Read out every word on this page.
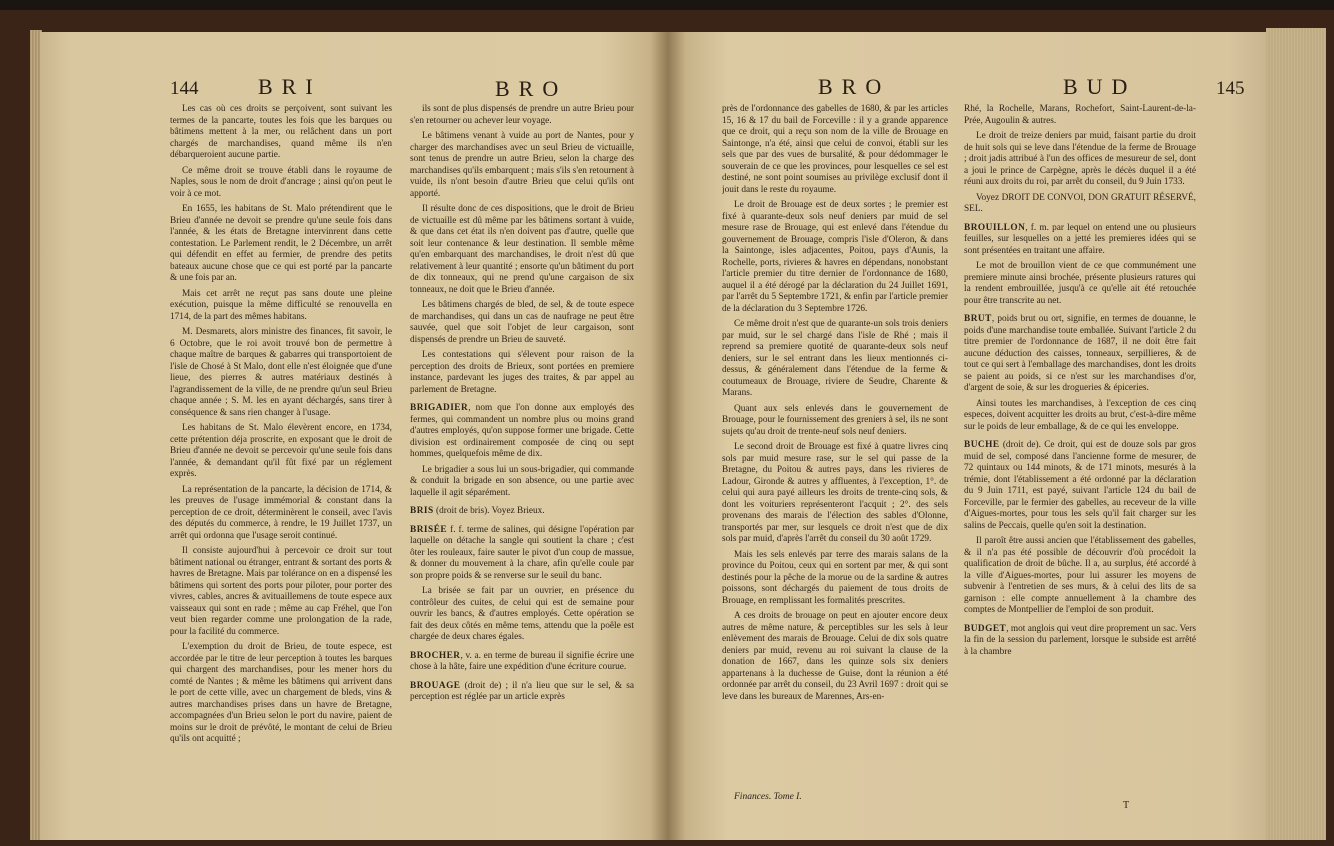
144	BRI	BRO

Les cas où ces droits se perçoivent, sont suivant les termes de la pancarte, toutes les fois que les barques ou bâtimens mettent à la mer, ou relâchent dans un port chargés de marchandises, quand même ils n'en débarqueroient aucune partie.

Ce même droit se trouve établi dans le royaume de Naples, sous le nom de droit d'ancrage ; ainsi qu'on peut le voir à ce mot.

En 1655, les habitans de St. Malo prétendirent que le Brieu d'année ne devoit se prendre qu'une seule fois dans l'année, & les états de Bretagne intervinrent dans cette contestation. Le Parlement rendit, le 2 Décembre, un arrêt qui défendit en effet au fermier, de prendre des petits bateaux aucune chose que ce qui est porté par la pancarte & une fois par an.

Mais cet arrêt ne reçut pas sans doute une pleine exécution, puisque la même difficulté se renouvella en 1714, de la part des mêmes habitans.

M. Desmarets, alors ministre des finances, fit savoir, le 6 Octobre, que le roi avoit trouvé bon de permettre à chaque maître de barques & gabarres qui transportoient de l'isle de Chosé à St Malo, dont elle n'est éloignée que d'une lieue, des pierres & autres matériaux destinés à l'agrandissement de la ville, de ne prendre qu'un seul Brieu chaque année ; S. M. les en ayant déchargés, sans tirer à conséquence & sans rien changer à l'usage.

Les habitans de St. Malo élevèrent encore, en 1734, cette prétention déja proscrite, en exposant que le droit de Brieu d'année ne devoit se percevoir qu'une seule fois dans l'année, & demandant qu'il fût fixé par un réglement exprès.

La représentation de la pancarte, la décision de 1714, & les preuves de l'usage immémorial & constant dans la perception de ce droit, déterminèrent le conseil, avec l'avis des députés du commerce, à rendre, le 19 Juillet 1737, un arrêt qui ordonna que l'usage seroit continué.

Il consiste aujourd'hui à percevoir ce droit sur tout bâtiment national ou étranger, entrant & sortant des ports & havres de Bretagne. Mais par tolérance on en a dispensé les bâtimens qui sortent des ports pour piloter, pour porter des vivres, cables, ancres & avituaillemens de toute espece aux vaisseaux qui sont en rade ; même au cap Fréhel, que l'on veut bien regarder comme une prolongation de la rade, pour la facilité du commerce.

L'exemption du droit de Brieu, de toute espece, est accordée par le titre de leur perception à toutes les barques qui chargent des marchandises, pour les mener hors du comté de Nantes ; & même les bâtimens qui arrivent dans le port de cette ville, avec un chargement de bleds, vins & autres marchandises prises dans un havre de Bretagne, accompagnées d'un Brieu selon le port du navire, paient de moins sur le droit de prévôté, le montant de celui de Brieu qu'ils ont acquitté ;

ils sont de plus dispensés de prendre un autre Brieu pour s'en retourner ou achever leur voyage.

Le bâtimens venant à vuide au port de Nantes, pour y charger des marchandises avec un seul Brieu de victuaille, sont tenus de prendre un autre Brieu, selon la charge des marchandises qu'ils embarquent ; mais s'ils s'en retournent à vuide, ils n'ont besoin d'autre Brieu que celui qu'ils ont apporté.

Il résulte donc de ces dispositions, que le droit de Brieu de victuaille est dû même par les bâtimens sortant à vuide, & que dans cet état ils n'en doivent pas d'autre, quelle que soit leur contenance & leur destination. Il semble même qu'en embarquant des marchandises, le droit n'est dû que relativement à leur quantité ; ensorte qu'un bâtiment du port de dix tonneaux, qui ne prend qu'une cargaison de six tonneaux, ne doit que le Brieu d'année.

Les bâtimens chargés de bled, de sel, & de toute espece de marchandises, qui dans un cas de naufrage ne peut être sauvée, quel que soit l'objet de leur cargaison, sont dispensés de prendre un Brieu de sauveté.

Les contestations qui s'élevent pour raison de la perception des droits de Brieux, sont portées en premiere instance, pardevant les juges des traites, & par appel au parlement de Bretagne.

BRIGADIER, nom que l'on donne aux employés des fermes, qui commandent un nombre plus ou moins grand d'autres employés, qu'on suppose former une brigade. Cette division est ordinairement composée de cinq ou sept hommes, quelquefois même de dix.

Le brigadier a sous lui un sous-brigadier, qui commande & conduit la brigade en son absence, ou une partie avec laquelle il agit séparément.

BRIS (droit de bris). Voyez Brieux.

BRISÉE f. f. terme de salines, qui désigne l'opération par laquelle on détache la sangle qui soutient la chare ; c'est ôter les rouleaux, faire sauter le pivot d'un coup de massue, & donner du mouvement à la chare, afin qu'elle coule par son propre poids & se renverse sur le seuil du banc.

La brisée se fait par un ouvrier, en présence du contrôleur des cuites, de celui qui est de semaine pour ouvrir les bancs, & d'autres employés. Cette opération se fait des deux côtés en même tems, attendu que la poêle est chargée de deux chares égales.

BROCHER, v. a. en terme de bureau il signifie écrire une chose à la hâte, faire une expédition d'une écriture courue.

BROUAGE (droit de) ; il n'a lieu que sur le sel, & sa perception est réglée par un article exprès

BRO	BUD	145

près de l'ordonnance des gabelles de 1680, & par les articles 15, 16 & 17 du bail de Forceville : il y a grande apparence que ce droit, qui a reçu son nom de la ville de Brouage en Saintonge, n'a été, ainsi que celui de convoi, établi sur les sels que par des vues de bursalité, & pour dédommager le souverain de ce que les provinces, pour lesquelles ce sel est destiné, ne sont point soumises au privilège exclusif dont il jouit dans le reste du royaume.

Le droit de Brouage est de deux sortes ; le premier est fixé à quarante-deux sols neuf deniers par muid de sel mesure rase de Brouage, qui est enlevé dans l'étendue du gouvernement de Brouage, compris l'isle d'Oleron, & dans la Saintonge, isles adjacentes, Poitou, pays d'Aunis, la Rochelle, ports, rivieres & havres en dépendans, nonobstant l'article premier du titre dernier de l'ordonnance de 1680, auquel il a été dérogé par la déclaration du 24 Juillet 1691, par l'arrêt du 5 Septembre 1721, & enfin par l'article premier de la déclaration du 3 Septembre 1726.

Ce même droit n'est que de quarante-un sols trois deniers par muid, sur le sel chargé dans l'isle de Rhé ; mais il reprend sa premiere quotité de quarante-deux sols neuf deniers, sur le sel entrant dans les lieux mentionnés ci-dessus, & généralement dans l'étendue de la ferme & coutumeaux de Brouage, riviere de Seudre, Charente & Marans.

Quant aux sels enlevés dans le gouvernement de Brouage, pour le fournissement des greniers à sel, ils ne sont sujets qu'au droit de trente-neuf sols neuf deniers.

Le second droit de Brouage est fixé à quatre livres cinq sols par muid mesure rase, sur le sel qui passe de la Bretagne, du Poitou & autres pays, dans les rivieres de Ladour, Gironde & autres y affluentes, à l'exception, 1°. de celui qui aura payé ailleurs les droits de trente-cinq sols, & dont les voituriers représenteront l'acquit ; 2°. des sels provenans des marais de l'élection des sables d'Olonne, transportés par mer, sur lesquels ce droit n'est que de dix sols par muid, d'après l'arrêt du conseil du 30 août 1729.

Mais les sels enlevés par terre des marais salans de la province du Poitou, ceux qui en sortent par mer, & qui sont destinés pour la pêche de la morue ou de la sardine & autres poissons, sont déchargés du paiement de tous droits de Brouage, en remplissant les formalités prescrites.

A ces droits de brouage on peut en ajouter encore deux autres de même nature, & perceptibles sur les sels à leur enlèvement des marais de Brouage. Celui de dix sols quatre deniers par muid, revenu au roi suivant la clause de la donation de 1667, dans les quinze sols six deniers appartenans à la duchesse de Guise, dont la réunion a été ordonnée par arrêt du conseil, du 23 Avril 1697 : droit qui se leve dans les bureaux de Marennes, Ars-en-

Finances. Tome I.

Rhé, la Rochelle, Marans, Rochefort, Saint-Laurent-de-la-Prée, Augoulin & autres.

Le droit de treize deniers par muid, faisant partie du droit de huit sols qui se leve dans l'étendue de la ferme de Brouage ; droit jadis attribué à l'un des offices de mesureur de sel, dont a joui le prince de Carpègne, après le décès duquel il a été réuni aux droits du roi, par arrêt du conseil, du 9 Juin 1733.

Voyez DROIT DE CONVOI, DON GRATUIT RÉSERVÉ, SEL.

BROUILLON, f. m. par lequel on entend une ou plusieurs feuilles, sur lesquelles on a jetté les premieres idées qui se sont présentées en traitant une affaire.

Le mot de brouillon vient de ce que communément une premiere minute ainsi brochée, présente plusieurs ratures qui la rendent embrouillée, jusqu'à ce qu'elle ait été retouchée pour être transcrite au net.

BRUT, poids brut ou ort, signifie, en termes de douanne, le poids d'une marchandise toute emballée. Suivant l'article 2 du titre premier de l'ordonnance de 1687, il ne doit être fait aucune déduction des caisses, tonneaux, serpillieres, & de tout ce qui sert à l'emballage des marchandises, dont les droits se paient au poids, si ce n'est sur les marchandises d'or, d'argent de soie, & sur les drogueries & épiceries.

Ainsi toutes les marchandises, à l'exception de ces cinq especes, doivent acquitter les droits au brut, c'est-à-dire même sur le poids de leur emballage, & de ce qui les enveloppe.

BUCHE (droit de). Ce droit, qui est de douze sols par gros muid de sel, composé dans l'ancienne forme de mesurer, de 72 quintaux ou 144 minots, & de 171 minots, mesurés à la trémie, dont l'établissement a été ordonné par la déclaration du 9 Juin 1711, est payé, suivant l'article 124 du bail de Forceville, par le fermier des gabelles, au receveur de la ville d'Aigues-mortes, pour tous les sels qu'il fait charger sur les salins de Peccais, quelle qu'en soit la destination.

Il paroît être aussi ancien que l'établissement des gabelles, & il n'a pas été possible de découvrir d'où procédoit la qualification de droit de bûche. Il a, au surplus, été accordé à la ville d'Aigues-mortes, pour lui assurer les moyens de subvenir à l'entretien de ses murs, & à celui des lits de sa garnison : elle compte annuellement à la chambre des comptes de Montpellier de l'emploi de son produit.

BUDGET, mot anglois qui veut dire proprement un sac. Vers la fin de la session du parlement, lorsque le subside est arrêté à la chambre

T
